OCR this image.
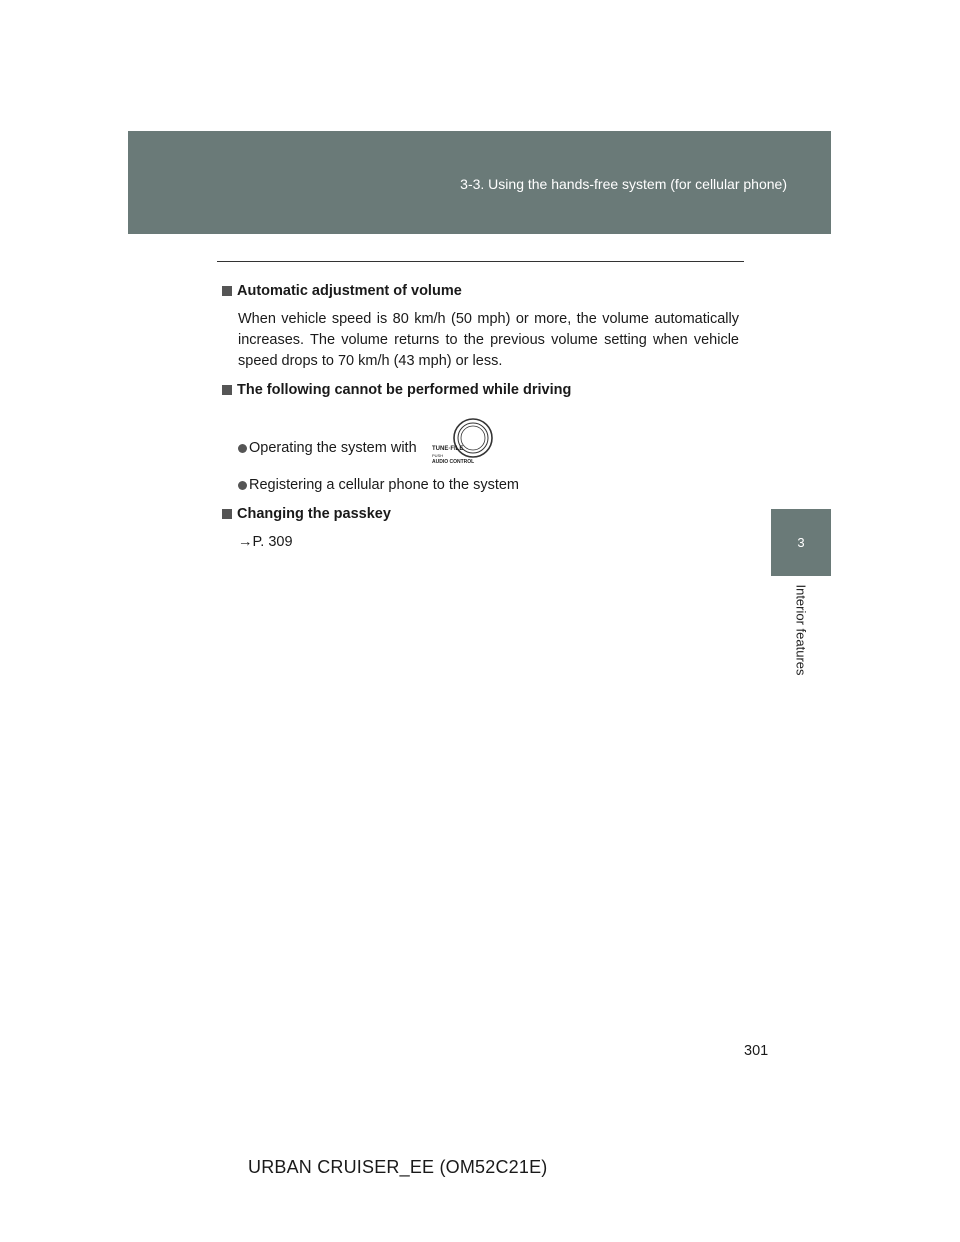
3-3. Using the hands-free system (for cellular phone)
3
Interior features

Automatic adjustment of volume

When vehicle speed is 80 km/h (50 mph) or more, the volume automatically increases. The volume returns to the previous volume setting when vehicle speed drops to 70 km/h (43 mph) or less.

The following cannot be performed while driving

Operating the system with	TUNE·FILE
PUSH
AUDIO CONTROL

Registering a cellular phone to the system

Changing the passkey

→P. 309

301
URBAN CRUISER_EE (OM52C21E)
